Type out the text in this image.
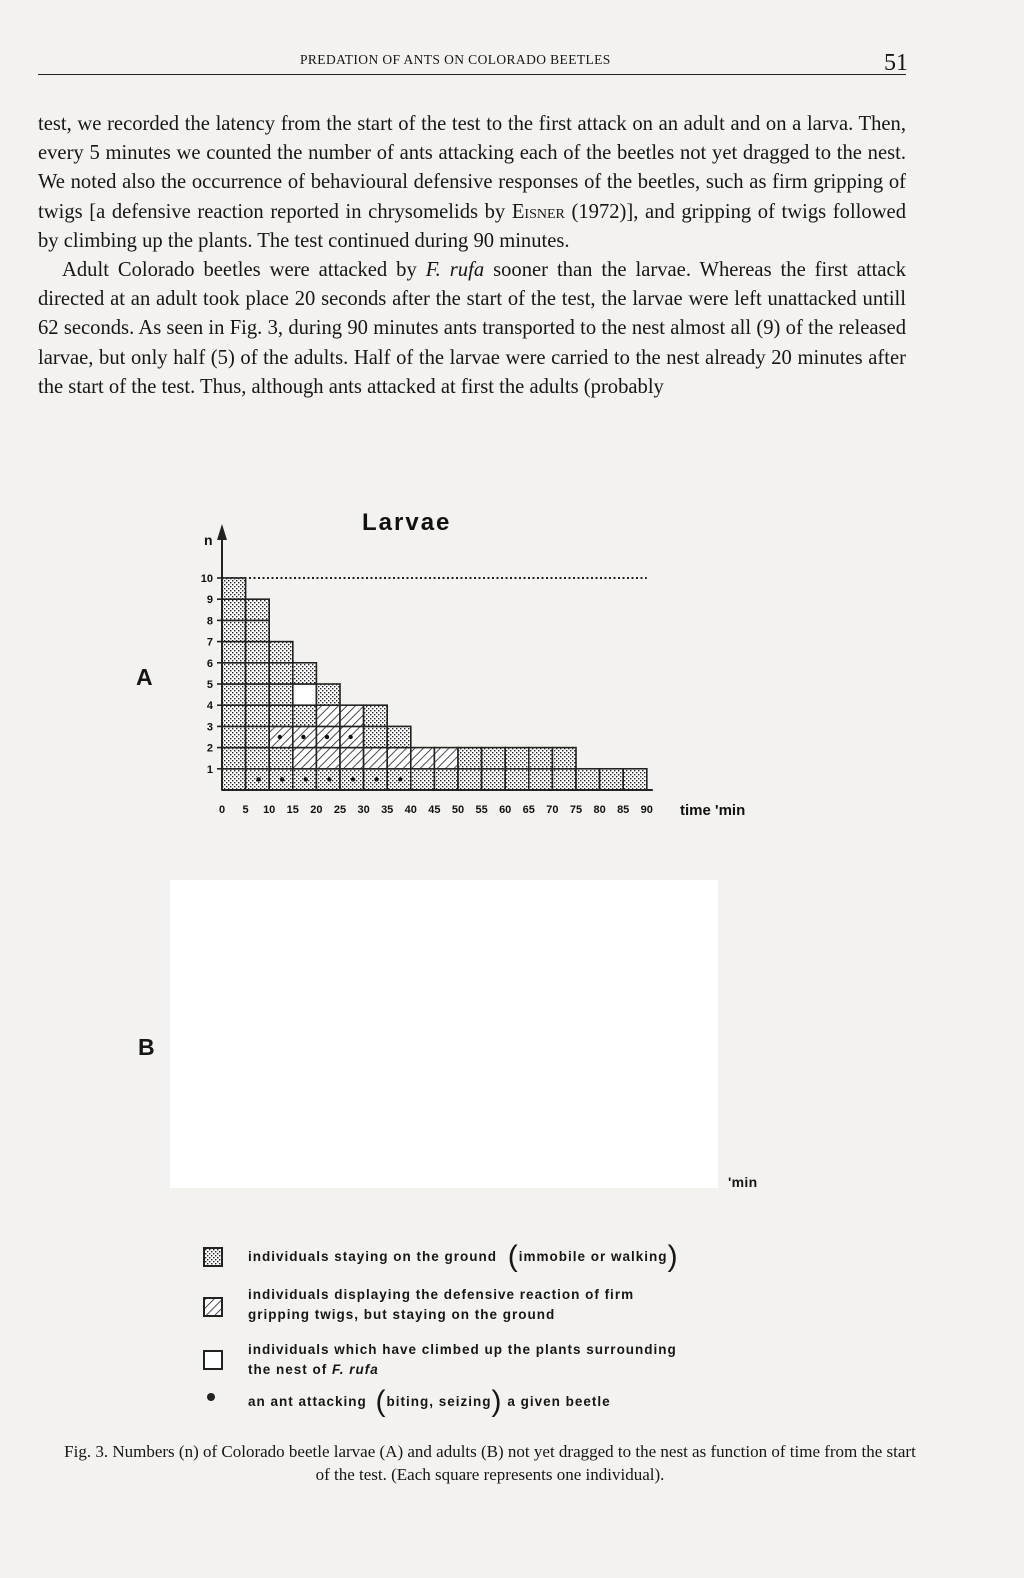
PREDATION OF ANTS ON COLORADO BEETLES	51

test, we recorded the latency from the start of the test to the first attack on an adult and on a larva. Then, every 5 minutes we counted the number of ants attacking each of the beetles not yet dragged to the nest. We noted also the occurrence of behavioural defensive responses of the beetles, such as firm gripping of twigs [a defensive reaction reported in chrysomelids by Eisner (1972)], and gripping of twigs followed by climbing up the plants. The test continued during 90 minutes.

Adult Colorado beetles were attacked by F. rufa sooner than the larvae. Whereas the first attack directed at an adult took place 20 seconds after the start of the test, the larvae were left unattacked untill 62 seconds. As seen in Fig. 3, during 90 minutes ants transported to the nest almost all (9) of the released larvae, but only half (5) of the adults. Half of the larvae were carried to the nest already 20 minutes after the start of the test. Thus, although ants attacked at first the adults (probably

1
2
3
4
5
6
7
8
9
10
0 5 10 15 20 25 30 35 40 45 50 55 60 65 70 75 80 85 90
n
time 'min
Larvae
A
B
'min
individuals staying on the ground (immobile or walking)
individuals displaying the defensive reaction of firm
gripping twigs, but staying on the ground
individuals which have climbed up the plants surrounding
the nest of F. rufa
an ant attacking (biting, seizing) a given beetle
Fig. 3. Numbers (n) of Colorado beetle larvae (A) and adults (B) not yet dragged to the nest as function of time from the start of the test. (Each square represents one individual).
